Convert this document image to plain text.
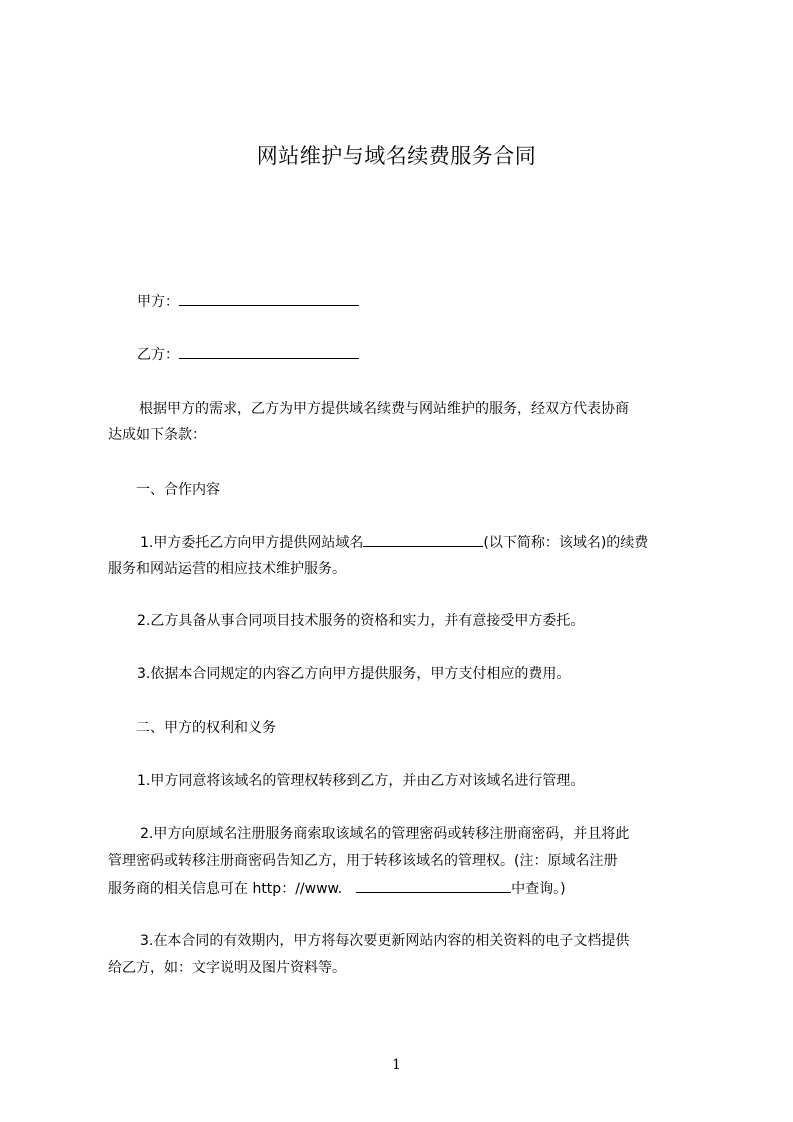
网站维护与域名续费服务合同
甲方：
乙方：
根据甲方的需求，乙方为甲方提供域名续费与网站维护的服务，经双方代表协商
达成如下条款：
一、合作内容
1.甲方委托乙方向甲方提供网站域名	(以下简称：该域名)的续费
服务和网站运营的相应技术维护服务。
2.乙方具备从事合同项目技术服务的资格和实力，并有意接受甲方委托。
3.依据本合同规定的内容乙方向甲方提供服务，甲方支付相应的费用。
二、甲方的权利和义务
1.甲方同意将该域名的管理权转移到乙方，并由乙方对该域名进行管理。
2.甲方向原域名注册服务商索取该域名的管理密码或转移注册商密码，并且将此
管理密码或转移注册商密码告知乙方，用于转移该域名的管理权。(注：原域名注册
服务商的相关信息可在 http：//www.	中查询。)
3.在本合同的有效期内，甲方将每次要更新网站内容的相关资料的电子文档提供
给乙方，如：文字说明及图片资料等。
1
